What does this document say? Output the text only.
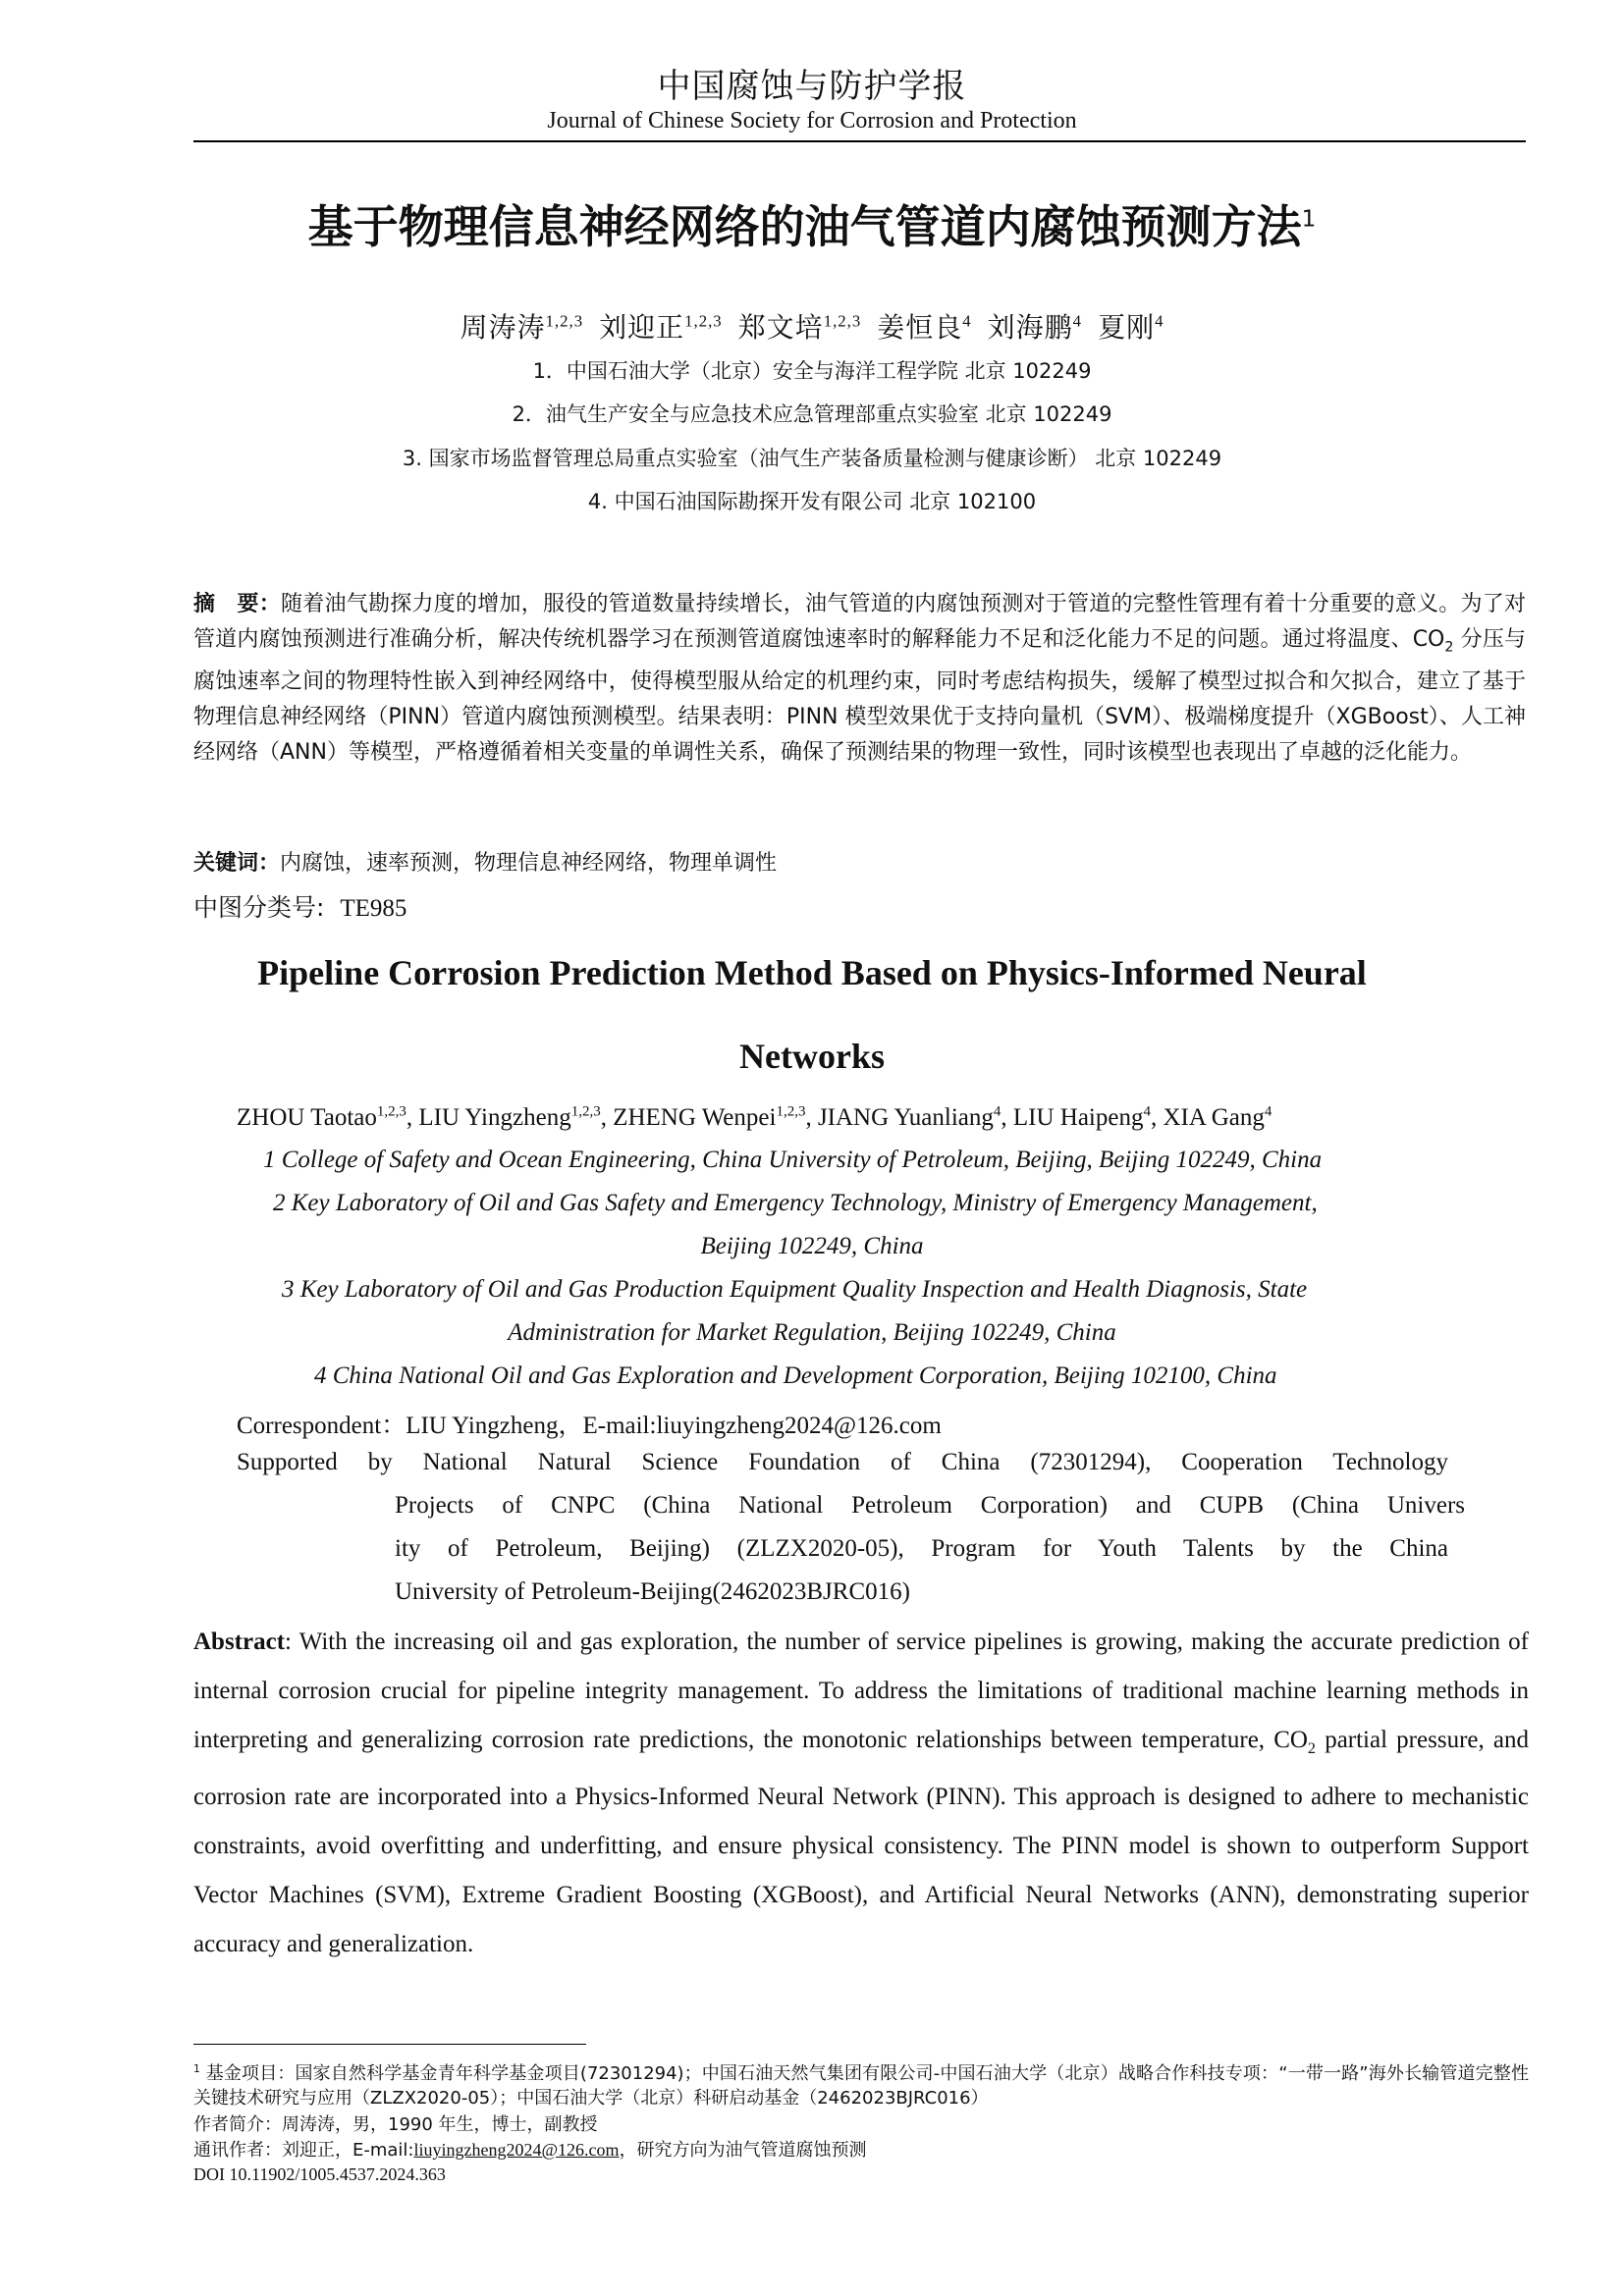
中国腐蚀与防护学报
Journal of Chinese Society for Corrosion and Protection
基于物理信息神经网络的油气管道内腐蚀预测方法$^1$
周涛涛$^{1,2,3}$ 刘迎正$^{1,2,3}$ 郑文培$^{1,2,3}$ 姜恒良$^4$ 刘海鹏$^4$ 夏刚$^4$
1．中国石油大学（北京）安全与海洋工程学院 北京 102249
2．油气生产安全与应急技术应急管理部重点实验室 北京 102249
3. 国家市场监督管理总局重点实验室（油气生产装备质量检测与健康诊断） 北京 102249
4. 中国石油国际勘探开发有限公司 北京 102100
摘　要：随着油气勘探力度的增加，服役的管道数量持续增长，油气管道的内腐蚀预测对于管道的完整性管理有着十分重要的意义。为了对管道内腐蚀预测进行准确分析，解决传统机器学习在预测管道腐蚀速率时的解释能力不足和泛化能力不足的问题。通过将温度、$CO_2$ 分压与腐蚀速率之间的物理特性嵌入到神经网络中，使得模型服从给定的机理约束，同时考虑结构损失，缓解了模型过拟合和欠拟合，建立了基于物理信息神经网络（PINN）管道内腐蚀预测模型。结果表明：PINN 模型效果优于支持向量机（SVM）、极端梯度提升（XGBoost）、人工神经网络（ANN）等模型，严格遵循着相关变量的单调性关系，确保了预测结果的物理一致性，同时该模型也表现出了卓越的泛化能力。
关键词：内腐蚀，速率预测，物理信息神经网络，物理单调性
中图分类号: TE985
Pipeline Corrosion Prediction Method Based on Physics-Informed Neural
Networks
ZHOU Taotao$^{1,2,3}$, LIU Yingzheng$^{1,2,3}$, ZHENG Wenpei$^{1,2,3}$, JIANG Yuanliang$^4$, LIU Haipeng$^4$, XIA Gang$^4$
1 College of Safety and Ocean Engineering, China University of Petroleum, Beijing, Beijing 102249, China
2 Key Laboratory of Oil and Gas Safety and Emergency Technology, Ministry of Emergency Management,
Beijing 102249, China
3 Key Laboratory of Oil and Gas Production Equipment Quality Inspection and Health Diagnosis, State
Administration for Market Regulation, Beijing 102249, China
4 China National Oil and Gas Exploration and Development Corporation, Beijing 102100, China
Correspondent：LIU Yingzheng，E-mail:liuyingzheng2024@126.com
Supported by National Natural Science Foundation of China (72301294), Cooperation Technology
Projects of CNPC (China National Petroleum Corporation) and CUPB (China Univers
ity of Petroleum, Beijing) (ZLZX2020-05), Program for Youth Talents by the China
University of Petroleum-Beijing(2462023BJRC016)
Abstract: With the increasing oil and gas exploration, the number of service pipelines is growing, making the accurate prediction of internal corrosion crucial for pipeline integrity management. To address the limitations of traditional machine learning methods in interpreting and generalizing corrosion rate predictions, the monotonic relationships between temperature, $CO_2$ partial pressure, and corrosion rate are incorporated into a Physics-Informed Neural Network (PINN). This approach is designed to adhere to mechanistic constraints, avoid overfitting and underfitting, and ensure physical consistency. The PINN model is shown to outperform Support Vector Machines (SVM), Extreme Gradient Boosting (XGBoost), and Artificial Neural Networks (ANN), demonstrating superior accuracy and generalization.
$^1$ 基金项目：国家自然科学基金青年科学基金项目(72301294)；中国石油天然气集团有限公司-中国石油大学（北京）战略合作科技专项：“一带一路”海外长输管道完整性关键技术研究与应用（ZLZX2020-05）；中国石油大学（北京）科研启动基金（2462023BJRC016）
作者简介：周涛涛，男，1990 年生，博士，副教授
通讯作者：刘迎正，E-mail:liuyingzheng2024@126.com，研究方向为油气管道腐蚀预测
DOI 10.11902/1005.4537.2024.363
